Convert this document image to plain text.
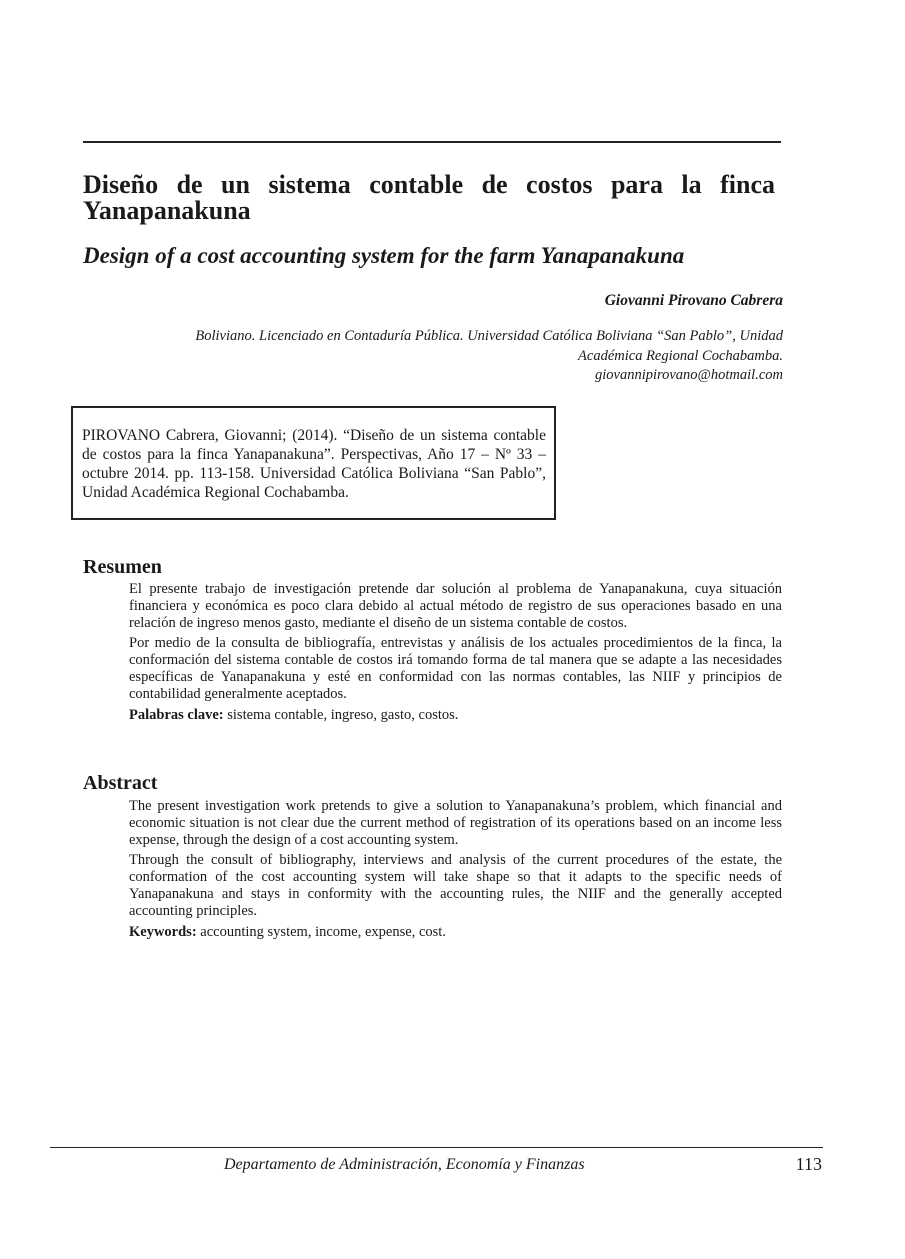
Diseño de un sistema contable de costos para la finca Yanapanakuna
Design of a cost accounting system for the farm Yanapanakuna
Giovanni Pirovano Cabrera
Boliviano. Licenciado en Contaduría Pública. Universidad Católica Boliviana “San Pablo”, Unidad
Académica Regional Cochabamba.
giovannipirovano@hotmail.com
PIROVANO Cabrera, Giovanni; (2014). “Diseño de un sistema contable de costos para la finca Yanapanakuna”. Perspectivas, Año 17 – Nº 33 – octubre 2014. pp. 113-158. Universidad Católica Boliviana “San Pablo”, Unidad Académica Regional Cochabamba.
Resumen

El presente trabajo de investigación pretende dar solución al problema de Yanapanakuna, cuya situación financiera y económica es poco clara debido al actual método de registro de sus operaciones basado en una relación de ingreso menos gasto, mediante el diseño de un sistema contable de costos.

Por medio de la consulta de bibliografía, entrevistas y análisis de los actuales procedimientos de la finca, la conformación del sistema contable de costos irá tomando forma de tal manera que se adapte a las necesidades específicas de Yanapanakuna y esté en conformidad con las normas contables, las NIIF y principios de contabilidad generalmente aceptados.

Palabras clave: sistema contable, ingreso, gasto, costos.

Abstract

The present investigation work pretends to give a solution to Yanapanakuna’s problem, which financial and economic situation is not clear due the current method of registration of its operations based on an income less expense, through the design of a cost accounting system.

Through the consult of bibliography, interviews and analysis of the current procedures of the estate, the conformation of the cost accounting system will take shape so that it adapts to the specific needs of Yanapanakuna and stays in conformity with the accounting rules, the NIIF and the generally accepted accounting principles.

Keywords: accounting system, income, expense, cost.

Departamento de Administración, Economía y Finanzas	113
